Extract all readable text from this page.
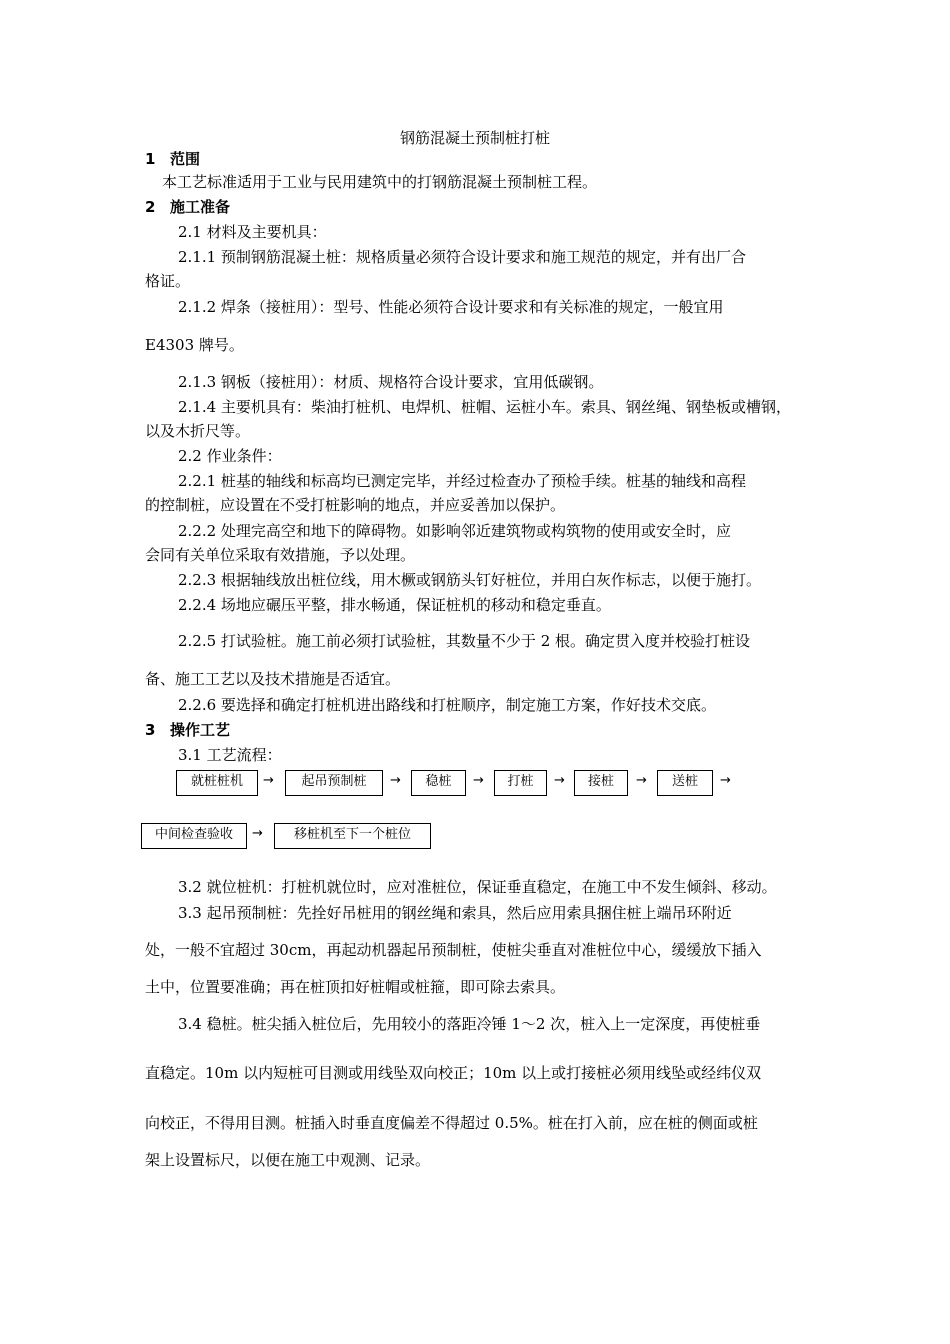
钢筋混凝土预制桩打桩
1 范围
本工艺标准适用于工业与民用建筑中的打钢筋混凝土预制桩工程。
2 施工准备
2.1 材料及主要机具：
2.1.1 预制钢筋混凝土桩：规格质量必须符合设计要求和施工规范的规定，并有出厂合
格证。
2.1.2 焊条（接桩用）：型号、性能必须符合设计要求和有关标准的规定，一般宜用
E4303 牌号。
2.1.3 钢板（接桩用）：材质、规格符合设计要求，宜用低碳钢。
2.1.4 主要机具有：柴油打桩机、电焊机、桩帽、运桩小车。索具、钢丝绳、钢垫板或槽钢，
以及木折尺等。
2.2 作业条件：
2.2.1 桩基的轴线和标高均已测定完毕，并经过检查办了预检手续。桩基的轴线和高程
的控制桩，应设置在不受打桩影响的地点，并应妥善加以保护。
2.2.2 处理完高空和地下的障碍物。如影响邻近建筑物或构筑物的使用或安全时，应
会同有关单位采取有效措施，予以处理。
2.2.3 根据轴线放出桩位线，用木橛或钢筋头钉好桩位，并用白灰作标志，以便于施打。
2.2.4 场地应碾压平整，排水畅通，保证桩机的移动和稳定垂直。
2.2.5 打试验桩。施工前必须打试验桩，其数量不少于 2 根。确定贯入度并校验打桩设
备、施工工艺以及技术措施是否适宜。
2.2.6 要选择和确定打桩机进出路线和打桩顺序，制定施工方案，作好技术交底。
3 操作工艺
3.1 工艺流程：
就桩桩机	→	起吊预制桩	→	稳桩	→	打桩	→	接桩	→	送桩	→
中间检查验收	→	移桩机至下一个桩位
3.2 就位桩机：打桩机就位时，应对准桩位，保证垂直稳定，在施工中不发生倾斜、移动。
3.3 起吊预制桩：先拴好吊桩用的钢丝绳和索具，然后应用索具捆住桩上端吊环附近
处，一般不宜超过 30cm，再起动机器起吊预制桩，使桩尖垂直对准桩位中心，缓缓放下插入
土中，位置要准确；再在桩顶扣好桩帽或桩箍，即可除去索具。
3.4 稳桩。桩尖插入桩位后，先用较小的落距冷锤 1～2 次，桩入上一定深度，再使桩垂
直稳定。10m 以内短桩可目测或用线坠双向校正；10m 以上或打接桩必须用线坠或经纬仪双
向校正，不得用目测。桩插入时垂直度偏差不得超过 0.5%。桩在打入前，应在桩的侧面或桩
架上设置标尺，以便在施工中观测、记录。
